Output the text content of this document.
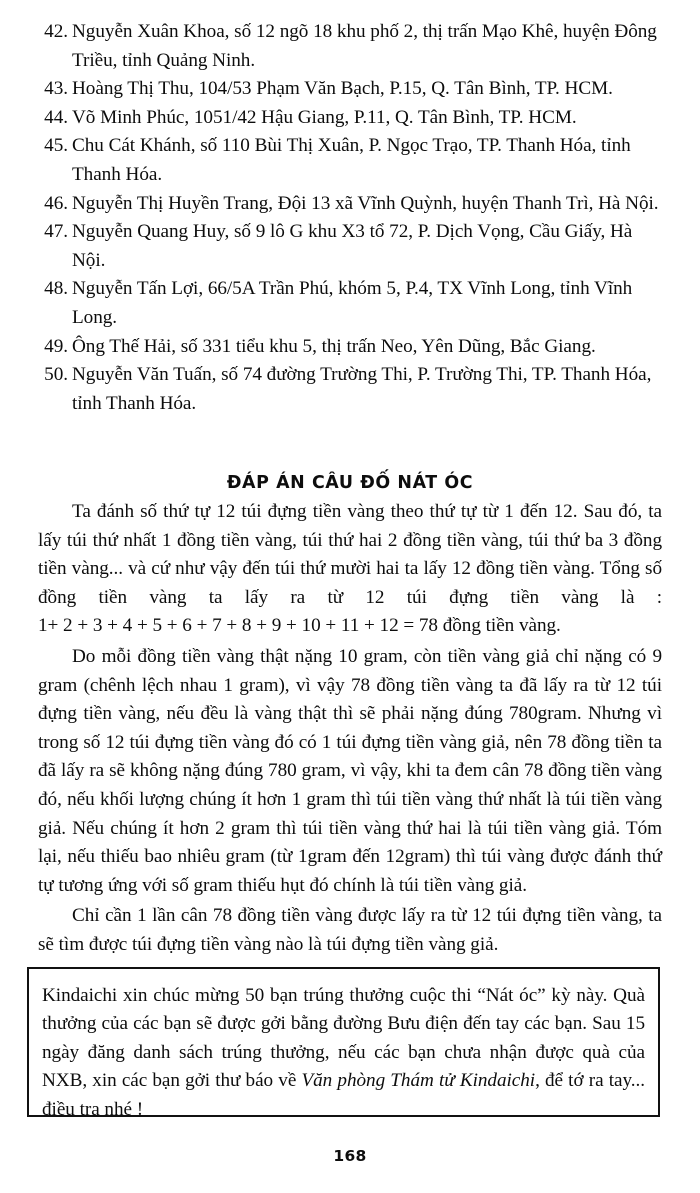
42. Nguyễn Xuân Khoa, số 12 ngõ 18 khu phố 2, thị trấn Mạo Khê, huyện Đông Triều, tỉnh Quảng Ninh.
43. Hoàng Thị Thu, 104/53 Phạm Văn Bạch, P.15, Q. Tân Bình, TP. HCM.
44. Võ Minh Phúc, 1051/42 Hậu Giang, P.11, Q. Tân Bình, TP. HCM.
45. Chu Cát Khánh, số 110 Bùi Thị Xuân, P. Ngọc Trạo, TP. Thanh Hóa, tỉnh Thanh Hóa.
46. Nguyễn Thị Huyền Trang, Đội 13 xã Vĩnh Quỳnh, huyện Thanh Trì, Hà Nội.
47. Nguyễn Quang Huy, số 9 lô G khu X3 tổ 72, P. Dịch Vọng, Cầu Giấy, Hà Nội.
48. Nguyễn Tấn Lợi, 66/5A Trần Phú, khóm 5, P.4, TX Vĩnh Long, tỉnh Vĩnh Long.
49. Ông Thế Hải, số 331 tiểu khu 5, thị trấn Neo, Yên Dũng, Bắc Giang.
50. Nguyễn Văn Tuấn, số 74 đường Trường Thi, P. Trường Thi, TP. Thanh Hóa, tỉnh Thanh Hóa.
ĐÁP ÁN CÂU ĐỐ NÁT ÓC

Ta đánh số thứ tự 12 túi đựng tiền vàng theo thứ tự từ 1 đến 12. Sau đó, ta lấy túi thứ nhất 1 đồng tiền vàng, túi thứ hai 2 đồng tiền vàng, túi thứ ba 3 đồng tiền vàng... và cứ như vậy đến túi thứ mười hai ta lấy 12 đồng tiền vàng. Tổng số đồng tiền vàng ta lấy ra từ 12 túi đựng tiền vàng là : 1+ 2 + 3 + 4 + 5 + 6 + 7 + 8 + 9 + 10 + 11 + 12 = 78 đồng tiền vàng.

Do mỗi đồng tiền vàng thật nặng 10 gram, còn tiền vàng giả chỉ nặng có 9 gram (chênh lệch nhau 1 gram), vì vậy 78 đồng tiền vàng ta đã lấy ra từ 12 túi đựng tiền vàng, nếu đều là vàng thật thì sẽ phải nặng đúng 780gram. Nhưng vì trong số 12 túi đựng tiền vàng đó có 1 túi đựng tiền vàng giả, nên 78 đồng tiền ta đã lấy ra sẽ không nặng đúng 780 gram, vì vậy, khi ta đem cân 78 đồng tiền vàng đó, nếu khối lượng chúng ít hơn 1 gram thì túi tiền vàng thứ nhất là túi tiền vàng giả. Nếu chúng ít hơn 2 gram thì túi tiền vàng thứ hai là túi tiền vàng giả. Tóm lại, nếu thiếu bao nhiêu gram (từ 1gram đến 12gram) thì túi vàng được đánh thứ tự tương ứng với số gram thiếu hụt đó chính là túi tiền vàng giả.

Chỉ cần 1 lần cân 78 đồng tiền vàng được lấy ra từ 12 túi đựng tiền vàng, ta sẽ tìm được túi đựng tiền vàng nào là túi đựng tiền vàng giả.

Kindaichi xin chúc mừng 50 bạn trúng thưởng cuộc thi “Nát óc” kỳ này. Quà thưởng của các bạn sẽ được gởi bằng đường Bưu điện đến tay các bạn. Sau 15 ngày đăng danh sách trúng thưởng, nếu các bạn chưa nhận được quà của NXB, xin các bạn gởi thư báo về Văn phòng Thám tử Kindaichi, để tớ ra tay... điều tra nhé !

168
